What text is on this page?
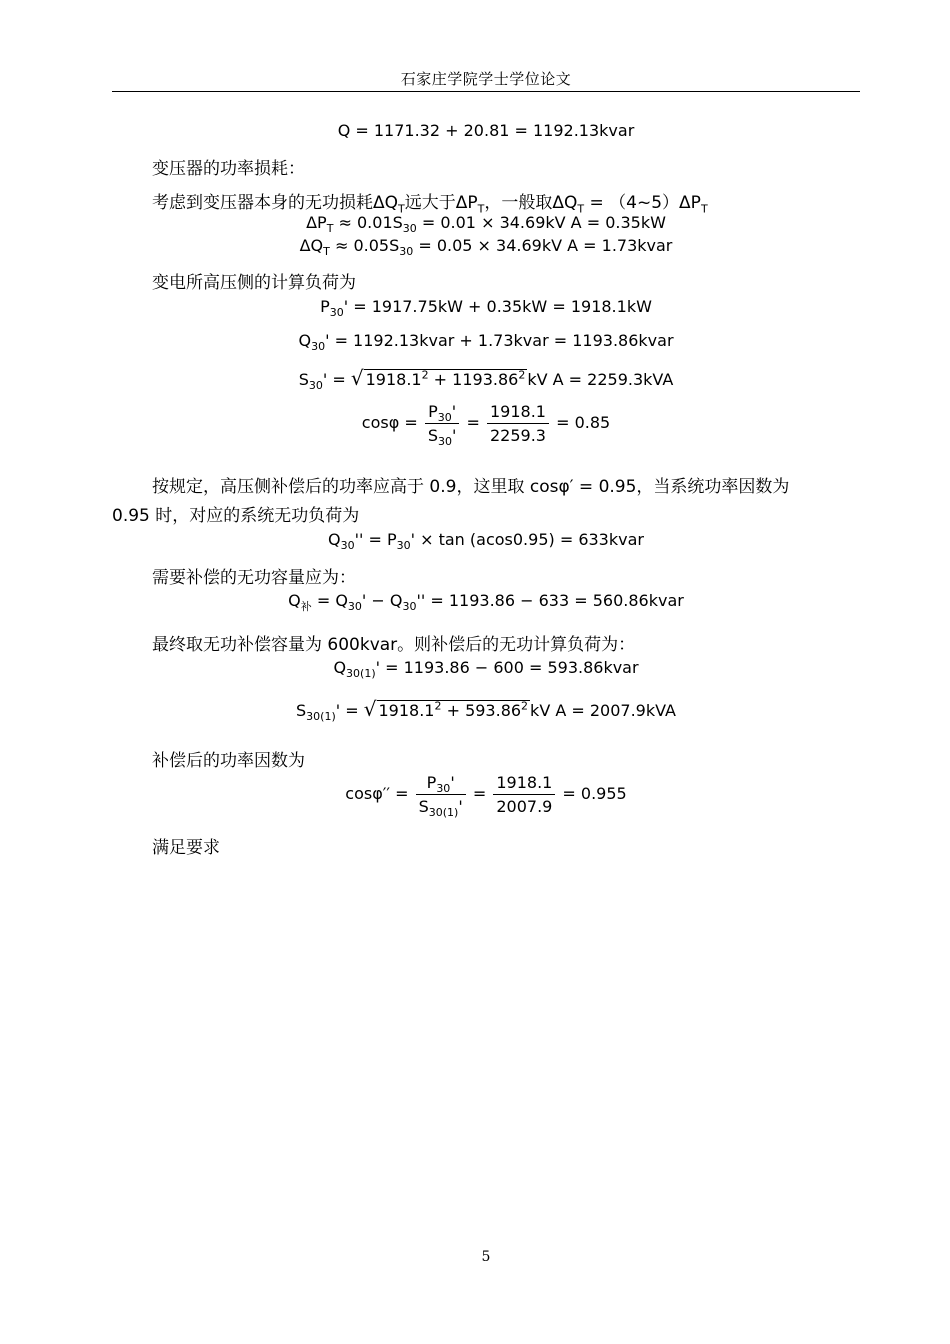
石家庄学院学士学位论文
Q = 1171.32 + 20.81 = 1192.13kvar
变压器的功率损耗：
考虑到变压器本身的无功损耗$\Delta Q_T$远大于$\Delta P_T$，一般取$\Delta Q_T$ = $(4\sim 5)\Delta P_T$
$\Delta P_T \approx 0.01S_{30} = 0.01 \times 34.69kV$ A = 0.35kW
$\Delta Q_T \approx 0.05S_{30} = 0.05 \times 34.69kV$ A = 1.73kvar
变电所高压侧的计算负荷为
$P_{30}' = 1917.75kW + 0.35kW = 1918.1kW$
$Q_{30}'$ = 1192.13kvar + 1.73kvar = 1193.86kvar
$S_{30}'$ = √ $1918.1^2 + 1193.86^2$ kV A = 2259.3kVA
$\cos\varphi = \frac{P_{30}'}{S_{30}'} = \frac{1918.1}{2259.3} = 0.85$
按规定，高压侧补偿后的功率应高于 0.9，这里取 cosφ′ = 0.95，当系统功率因数为
0.95 时，对应的系统无功负荷为
$Q_{30}'' = P_{30}' \times \tan (acos0.95)$ = 633kvar
需要补偿的无功容量应为：
$Q_补 = Q_{30}' - Q_{30}'' = 1193.86 - 633$ = 560.86kvar
最终取无功补偿容量为 600kvar。则补偿后的无功计算负荷为：
$Q_{30(1)}' = 1193.86 - 600$ = 593.86kvar
$S_{30(1)}'$ = √ $1918.1^2 + 593.86^2$ kV A = 2007.9kVA
补偿后的功率因数为
$\cos\varphi'' = \frac{P_{30}'}{S_{30(1)}'} = \frac{1918.1}{2007.9} = 0.955$
满足要求
5
